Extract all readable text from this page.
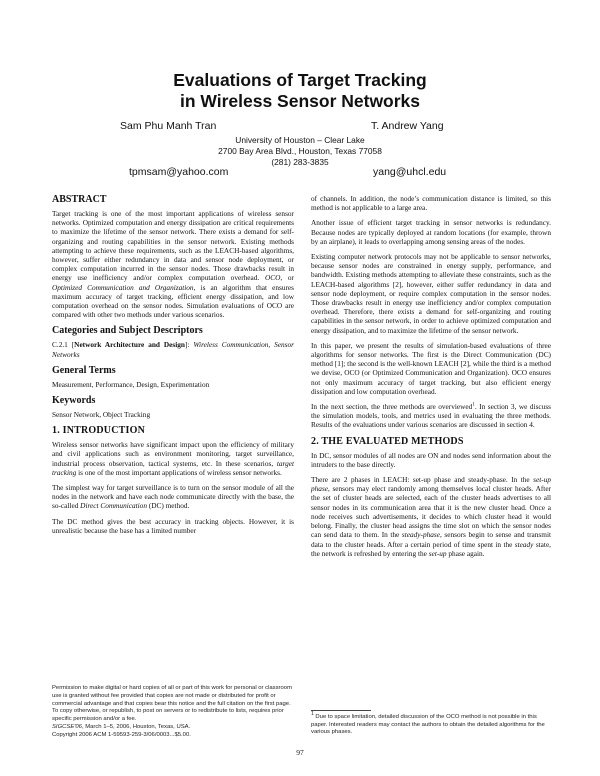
Evaluations of Target Tracking
in Wireless Sensor Networks
Sam Phu Manh Tran	T. Andrew Yang
University of Houston – Clear Lake
2700 Bay Area Blvd., Houston, Texas 77058
(281) 283-3835
tpmsam@yahoo.com	yang@uhcl.edu
ABSTRACT

Target tracking is one of the most important applications of wireless sensor networks. Optimized computation and energy dissipation are critical requirements to maximize the lifetime of the sensor network. There exists a demand for self-organizing and routing capabilities in the sensor network. Existing methods attempting to achieve these requirements, such as the LEACH-based algorithms, however, suffer either redundancy in data and sensor node deployment, or complex computation incurred in the sensor nodes. Those drawbacks result in energy use inefficiency and/or complex computation overhead. OCO, or Optimized Communication and Organization, is an algorithm that ensures maximum accuracy of target tracking, efficient energy dissipation, and low computation overhead on the sensor nodes. Simulation evaluations of OCO are compared with other two methods under various scenarios.

Categories and Subject Descriptors

C.2.1 [Network Architecture and Design]: Wireless Communication, Sensor Networks

General Terms

Measurement, Performance, Design, Experimentation

Keywords

Sensor Network, Object Tracking

1. INTRODUCTION

Wireless sensor networks have significant impact upon the efficiency of military and civil applications such as environment monitoring, target surveillance, industrial process observation, tactical systems, etc. In these scenarios, target tracking is one of the most important applications of wireless sensor networks.

The simplest way for target surveillance is to turn on the sensor module of all the nodes in the network and have each node communicate directly with the base, the so-called Direct Communication (DC) method.

The DC method gives the best accuracy in tracking objects. However, it is unrealistic because the base has a limited number

Permission to make digital or hard copies of all or part of this work for personal or classroom use is granted without fee provided that copies are not made or distributed for profit or commercial advantage and that copies bear this notice and the full citation on the first page. To copy otherwise, or republish, to post on servers or to redistribute to lists, requires prior specific permission and/or a fee.
SIGCSE'06, March 1–5, 2006, Houston, Texas, USA.
Copyright 2006 ACM 1-59593-259-3/06/0003...$5.00.

of channels. In addition, the node’s communication distance is limited, so this method is not applicable to a large area.

Another issue of efficient target tracking in sensor networks is redundancy. Because nodes are typically deployed at random locations (for example, thrown by an airplane), it leads to overlapping among sensing areas of the nodes.

Existing computer network protocols may not be applicable to sensor networks, because sensor nodes are constrained in energy supply, performance, and bandwidth. Existing methods attempting to alleviate these constraints, such as the LEACH-based algorithms [2], however, either suffer redundancy in data and sensor node deployment, or require complex computation in the sensor nodes. Those drawbacks result in energy use inefficiency and/or complex computation overhead. Therefore, there exists a demand for self-organizing and routing capabilities in the sensor network, in order to achieve optimized computation and energy dissipation, and to maximize the lifetime of the sensor network.

In this paper, we present the results of simulation-based evaluations of three algorithms for sensor networks. The first is the Direct Communication (DC) method [1]; the second is the well-known LEACH [2], while the third is a method we devise, OCO (or Optimized Communication and Organization). OCO ensures not only maximum accuracy of target tracking, but also efficient energy dissipation and low computation overhead.

In the next section, the three methods are overviewed$^1$. In section 3, we discuss the simulation models, tools, and metrics used in evaluating the three methods. Results of the evaluations under various scenarios are discussed in section 4.

2. THE EVALUATED METHODS

In DC, sensor modules of all nodes are ON and nodes send information about the intruders to the base directly.

There are 2 phases in LEACH: set-up phase and steady-phase. In the set-up phase, sensors may elect randomly among themselves local cluster heads. After the set of cluster heads are selected, each of the cluster heads advertises to all sensor nodes in its communication area that it is the new cluster head. Once a node receives such advertisements, it decides to which cluster head it would belong. Finally, the cluster head assigns the time slot on which the sensor nodes can send data to them. In the steady-phase, sensors begin to sense and transmit data to the cluster heads. After a certain period of time spent in the steady state, the network is refreshed by entering the set-up phase again.

$^1$ Due to space limitation, detailed discussion of the OCO method is not possible in this paper. Interested readers may contact the authors to obtain the detailed algorithms for the various phases.
97
